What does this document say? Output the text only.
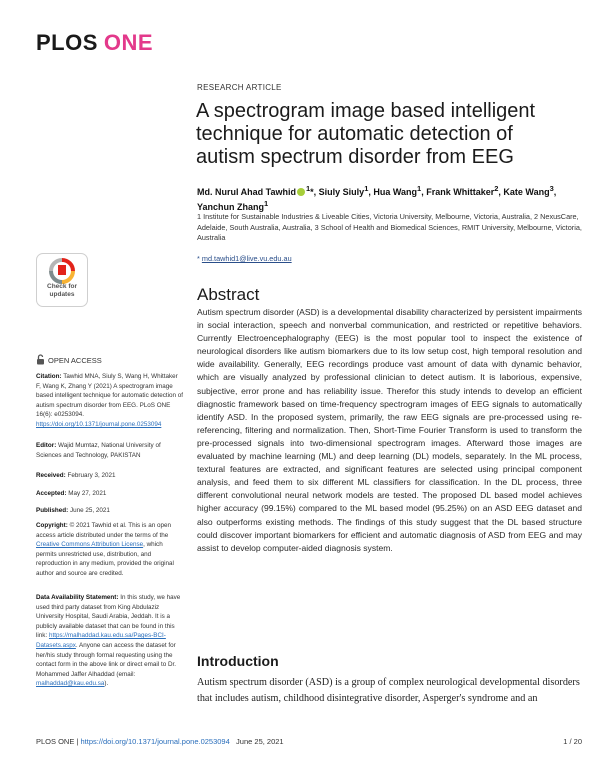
PLOS ONE
RESEARCH ARTICLE
A spectrogram image based intelligent technique for automatic detection of autism spectrum disorder from EEG
Md. Nurul Ahad Tawhid $^1$*, Siuly Siuly$^1$, Hua Wang$^1$, Frank Whittaker$^2$, Kate Wang$^3$, Yanchun Zhang$^1$
1 Institute for Sustainable Industries & Liveable Cities, Victoria University, Melbourne, Victoria, Australia, 2 NexusCare, Adelaide, South Australia, Australia, 3 School of Health and Biomedical Sciences, RMIT University, Melbourne, Victoria, Australia
* md.tawhid1@live.vu.edu.au
Abstract
Autism spectrum disorder (ASD) is a developmental disability characterized by persistent impairments in social interaction, speech and nonverbal communication, and restricted or repetitive behaviors. Currently Electroencephalography (EEG) is the most popular tool to inspect the existence of neurological disorders like autism biomarkers due to its low setup cost, high temporal resolution and wide availability. Generally, EEG recordings produce vast amount of data with dynamic behavior, which are visually analyzed by professional clinician to detect autism. It is laborious, expensive, subjective, error prone and has reliability issue. Therefor this study intends to develop an efficient diagnostic framework based on time-frequency spectrogram images of EEG signals to automatically identify ASD. In the proposed system, primarily, the raw EEG signals are pre-processed using re-referencing, filtering and normalization. Then, Short-Time Fourier Transform is used to transform the pre-processed signals into two-dimensional spectrogram images. Afterward those images are evaluated by machine learning (ML) and deep learning (DL) models, separately. In the ML process, textural features are extracted, and significant features are selected using principal component analysis, and feed them to six different ML classifiers for classification. In the DL process, three different convolutional neural network models are tested. The proposed DL based model achieves higher accuracy (99.15%) compared to the ML based model (95.25%) on an ASD EEG dataset and also outperforms existing methods. The findings of this study suggest that the DL based structure could discover important biomarkers for efficient and automatic diagnosis of ASD from EEG and may assist to develop computer-aided diagnosis system.
Introduction
Autism spectrum disorder (ASD) is a group of complex neurological developmental disorders that includes autism, childhood disintegrative disorder, Asperger's syndrome and an
Check for
updates
OPEN ACCESS
Citation: Tawhid MNA, Siuly S, Wang H, Whittaker F, Wang K, Zhang Y (2021) A spectrogram image based intelligent technique for automatic detection of autism spectrum disorder from EEG. PLoS ONE 16(6): e0253094. https://doi.org/10.1371/journal.pone.0253094
Editor: Wajid Mumtaz, National University of Sciences and Technology, PAKISTAN
Received: February 3, 2021
Accepted: May 27, 2021
Published: June 25, 2021
Copyright: © 2021 Tawhid et al. This is an open access article distributed under the terms of the Creative Commons Attribution License, which permits unrestricted use, distribution, and reproduction in any medium, provided the original author and source are credited.
Data Availability Statement: In this study, we have used third party dataset from King Abdulaziz University Hospital, Saudi Arabia, Jeddah. It is a publicly available dataset that can be found in this link: https://malhaddad.kau.edu.sa/Pages-BCI-Datasets.aspx. Anyone can access the dataset for her/his study through formal requesting using the contact form in the above link or direct email to Dr. Mohammed Jaffer Alhaddad (email: malhaddad@kau.edu.sa).
PLOS ONE | https://doi.org/10.1371/journal.pone.0253094 June 25, 2021	1 / 20
